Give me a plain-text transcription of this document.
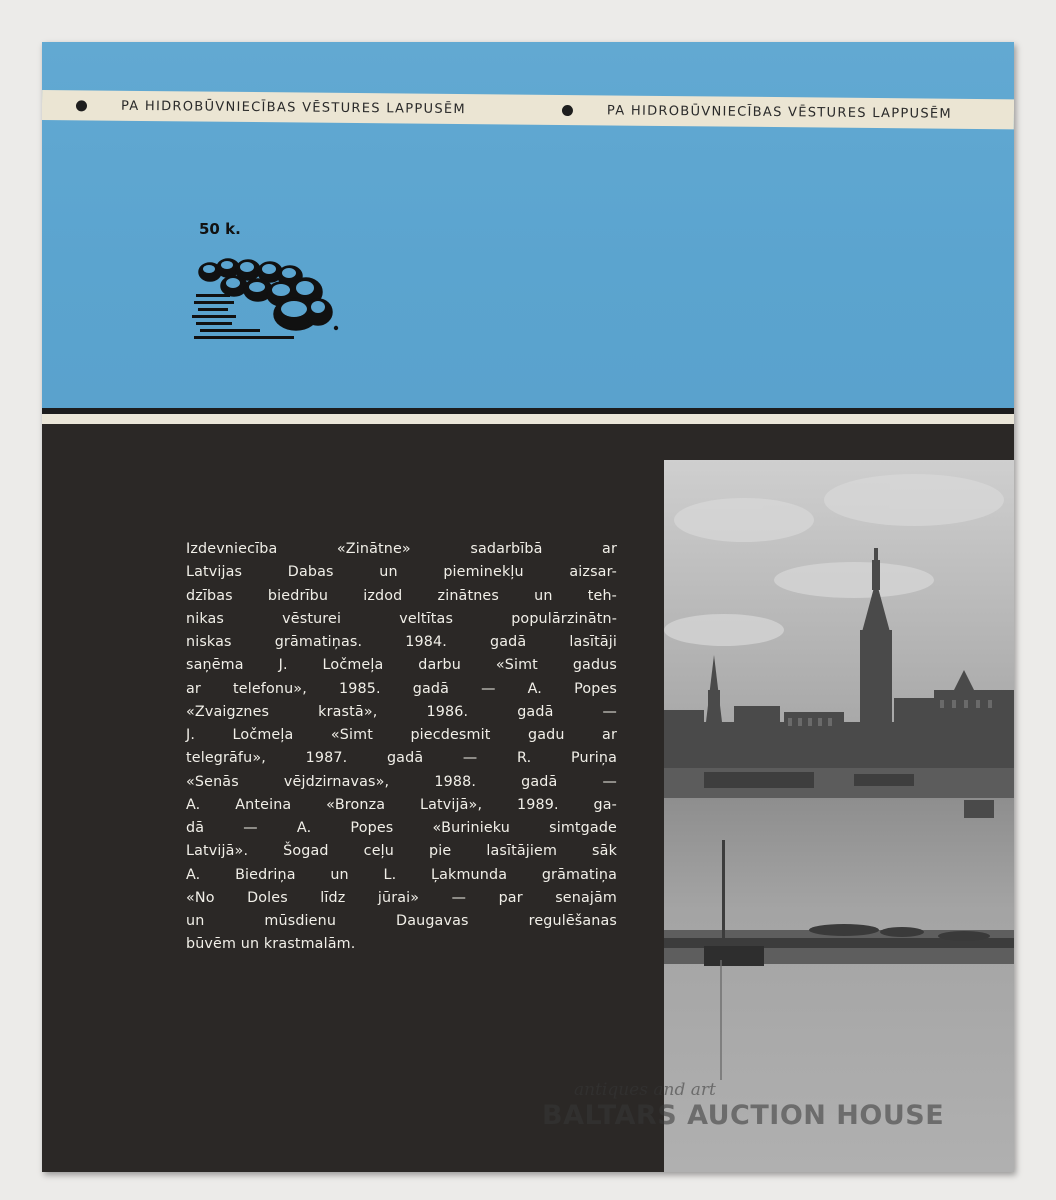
PA HIDROBŪVNIECĪBAS VĒSTURES LAPPUSĒM	PA HIDROBŪVNIECĪBAS VĒSTURES LAPPUSĒM
50 k.
Izdevniecība «Zinātne» sadarbībā ar
Latvijas Dabas un pieminekļu aizsar-
dzības biedrību izdod zinātnes un teh-
nikas vēsturei veltītas populārzinātn-
niskas grāmatiņas. 1984. gadā lasītāji
saņēma J. Ločmeļa darbu «Simt gadus
ar telefonu», 1985. gadā — A. Popes
«Zvaigznes krastā», 1986. gadā —
J. Ločmeļa «Simt piecdesmit gadu ar
telegrāfu», 1987. gadā — R. Puriņa
«Senās vējdzirnavas», 1988. gadā —
A. Anteina «Bronza Latvijā», 1989. ga-
dā — A. Popes «Burinieku simtgade
Latvijā». Šogad ceļu pie lasītājiem sāk
A. Biedriņa un L. Ļakmunda grāmatiņa
«No Doles līdz jūrai» — par senajām
un mūsdienu Daugavas regulēšanas
būvēm un krastmalām.
antiques and art
BALTARS AUCTION HOUSE
